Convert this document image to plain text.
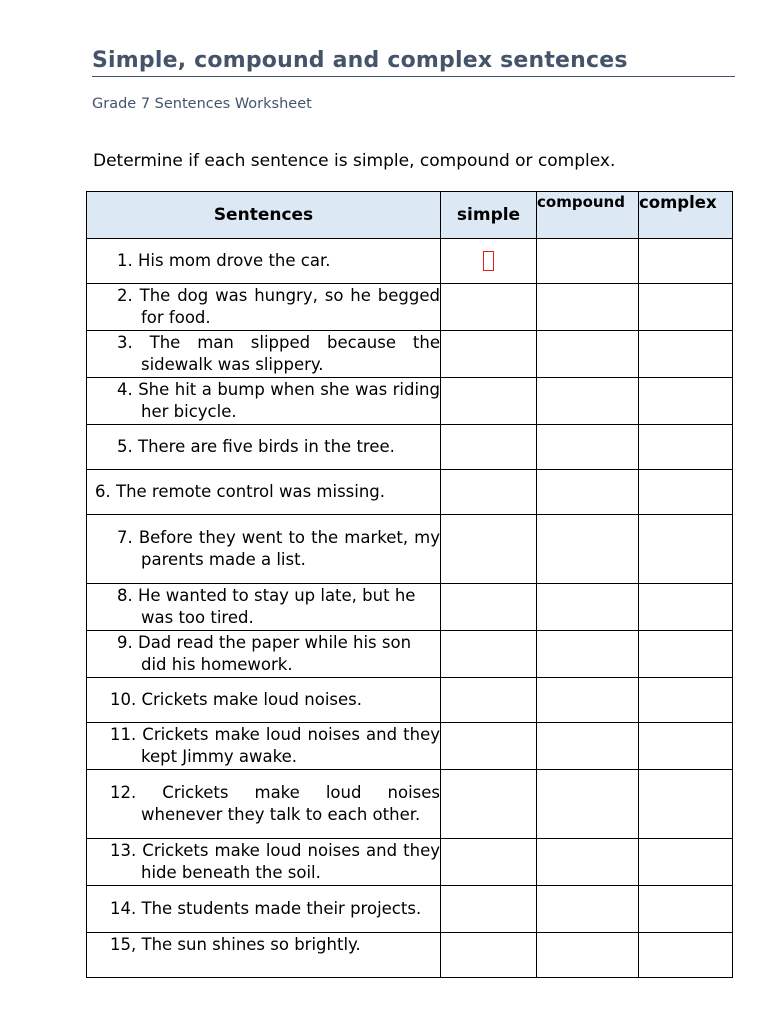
Simple, compound and complex sentences
Grade 7 Sentences Worksheet
Determine if each sentence is simple, compound or complex.
Sentences	simple	compound	complex

1. His mom drove the car.			

2. The dog was hungry, so he begged for food.			

3. The man slipped because the sidewalk was slippery.			

4. She hit a bump when she was riding her bicycle.			

5. There are five birds in the tree.			

6. The remote control was missing.			

7. Before they went to the market, my parents made a list.			

8. He wanted to stay up late, but he was too tired.			

9. Dad read the paper while his son did his homework.			

10. Crickets make loud noises.			

11. Crickets make loud noises and they kept Jimmy awake.			

12. Crickets make loud noises whenever they talk to each other.			

13. Crickets make loud noises and they hide beneath the soil.			

14. The students made their projects.			

15, The sun shines so brightly.			
